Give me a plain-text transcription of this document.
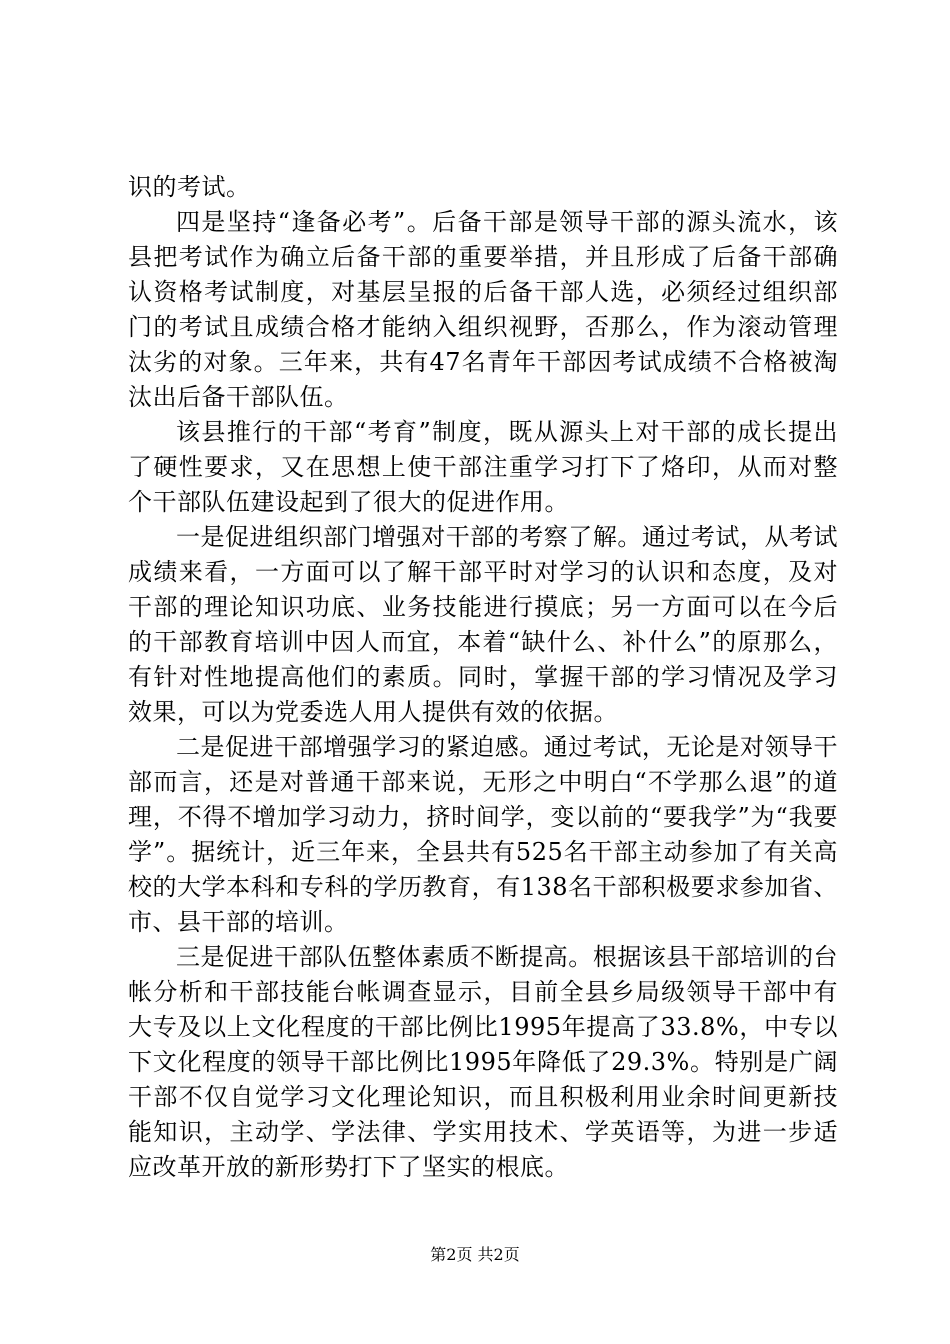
识的考试。

四是坚持“逢备必考”。后备干部是领导干部的源头流水，该县把考试作为确立后备干部的重要举措，并且形成了后备干部确认资格考试制度，对基层呈报的后备干部人选，必须经过组织部门的考试且成绩合格才能纳入组织视野，否那么，作为滚动管理汰劣的对象。三年来，共有47名青年干部因考试成绩不合格被淘汰出后备干部队伍。

该县推行的干部“考育”制度，既从源头上对干部的成长提出了硬性要求，又在思想上使干部注重学习打下了烙印，从而对整个干部队伍建设起到了很大的促进作用。

一是促进组织部门增强对干部的考察了解。通过考试，从考试成绩来看，一方面可以了解干部平时对学习的认识和态度，及对干部的理论知识功底、业务技能进行摸底；另一方面可以在今后的干部教育培训中因人而宜，本着“缺什么、补什么”的原那么，有针对性地提高他们的素质。同时，掌握干部的学习情况及学习效果，可以为党委选人用人提供有效的依据。

二是促进干部增强学习的紧迫感。通过考试，无论是对领导干部而言，还是对普通干部来说，无形之中明白“不学那么退”的道理，不得不增加学习动力，挤时间学，变以前的“要我学”为“我要学”。据统计，近三年来，全县共有525名干部主动参加了有关高校的大学本科和专科的学历教育，有138名干部积极要求参加省、市、县干部的培训。

三是促进干部队伍整体素质不断提高。根据该县干部培训的台帐分析和干部技能台帐调查显示，目前全县乡局级领导干部中有大专及以上文化程度的干部比例比1995年提高了33.8%，中专以下文化程度的领导干部比例比1995年降低了29.3%。特别是广阔干部不仅自觉学习文化理论知识，而且积极利用业余时间更新技能知识，主动学、学法律、学实用技术、学英语等，为进一步适应改革开放的新形势打下了坚实的根底。

第2页 共2页
